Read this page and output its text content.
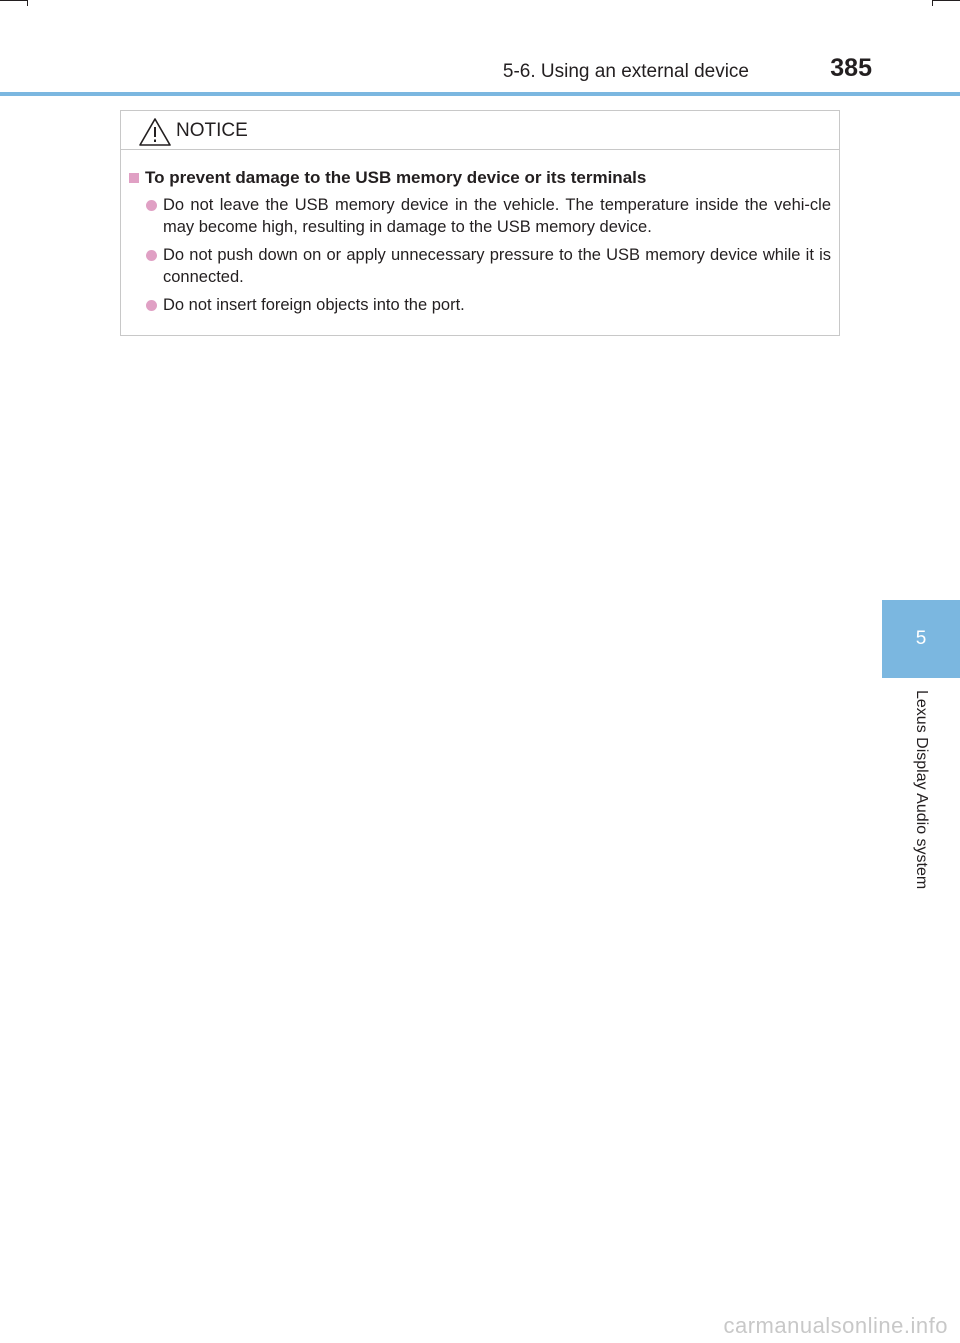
5-6. Using an external device	385
5
Lexus Display Audio system
NOTICE
To prevent damage to the USB memory device or its terminals
Do not leave the USB memory device in the vehicle. The temperature inside the vehi-cle may become high, resulting in damage to the USB memory device.
Do not push down on or apply unnecessary pressure to the USB memory device while it is connected.
Do not insert foreign objects into the port.
carmanualsonline.info
